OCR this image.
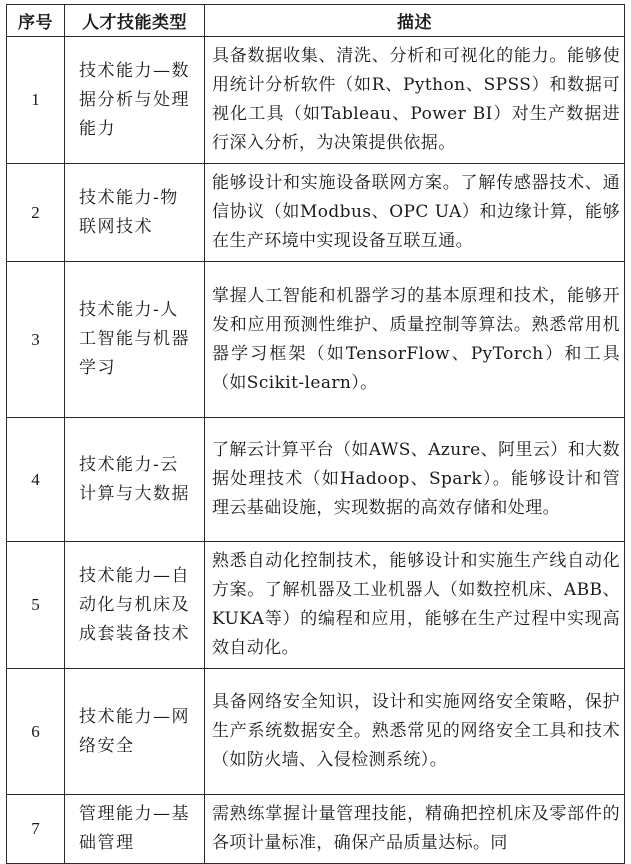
序号	人才技能类型	描述
1	技术能力—数据分析与处理能力	具备数据收集、清洗、分析和可视化的能力。能够使用统计分析软件（如R、Python、SPSS）和数据可视化工具（如Tableau、Power BI）对生产数据进行深入分析，为决策提供依据。
2	技术能力-物联网技术	能够设计和实施设备联网方案。了解传感器技术、通信协议（如Modbus、OPC UA）和边缘计算，能够在生产环境中实现设备互联互通。
3	技术能力-人工智能与机器学习	掌握人工智能和机器学习的基本原理和技术，能够开发和应用预测性维护、质量控制等算法。熟悉常用机器学习框架（如TensorFlow、PyTorch）和工具（如Scikit-learn）。
4	技术能力-云计算与大数据	了解云计算平台（如AWS、Azure、阿里云）和大数据处理技术（如Hadoop、Spark）。能够设计和管理云基础设施，实现数据的高效存储和处理。
5	技术能力—自动化与机床及成套装备技术	熟悉自动化控制技术，能够设计和实施生产线自动化方案。了解机器及工业机器人（如数控机床、ABB、KUKA等）的编程和应用，能够在生产过程中实现高效自动化。
6	技术能力—网络安全	具备网络安全知识，设计和实施网络安全策略，保护生产系统数据安全。熟悉常见的网络安全工具和技术（如防火墙、入侵检测系统）。
7	管理能力—基础管理	需熟练掌握计量管理技能，精确把控机床及零部件的各项计量标准，确保产品质量达标。同
